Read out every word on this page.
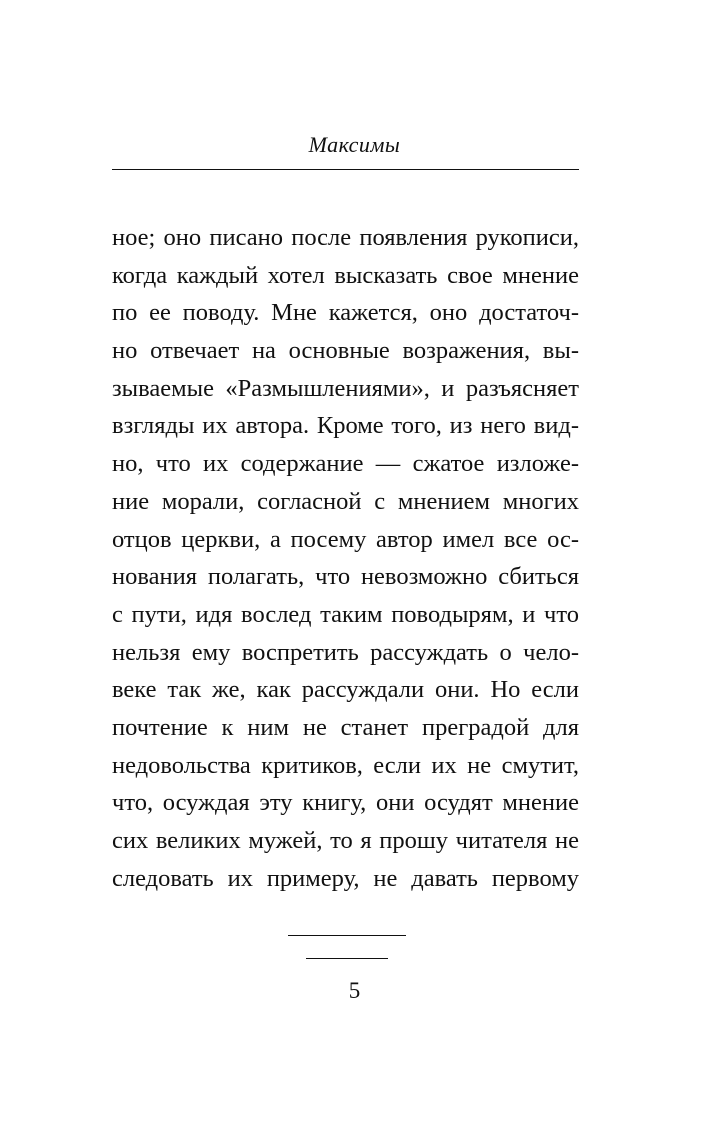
Максимы
ное; оно писано после появления рукописи,
когда каждый хотел высказать свое мнение
по ее поводу. Мне кажется, оно достаточ-
но отвечает на основные возражения, вы-
зываемые «Размышлениями», и разъясняет
взгляды их автора. Кроме того, из него вид-
но, что их содержание — сжатое изложе-
ние морали, согласной с мнением многих
отцов церкви, а посему автор имел все ос-
нования полагать, что невозможно сбиться
с пути, идя вослед таким поводырям, и что
нельзя ему воспретить рассуждать о чело-
веке так же, как рассуждали они. Но если
почтение к ним не станет преградой для
недовольства критиков, если их не смутит,
что, осуждая эту книгу, они осудят мнение
сих великих мужей, то я прошу читателя не
следовать их примеру, не давать первому
5
